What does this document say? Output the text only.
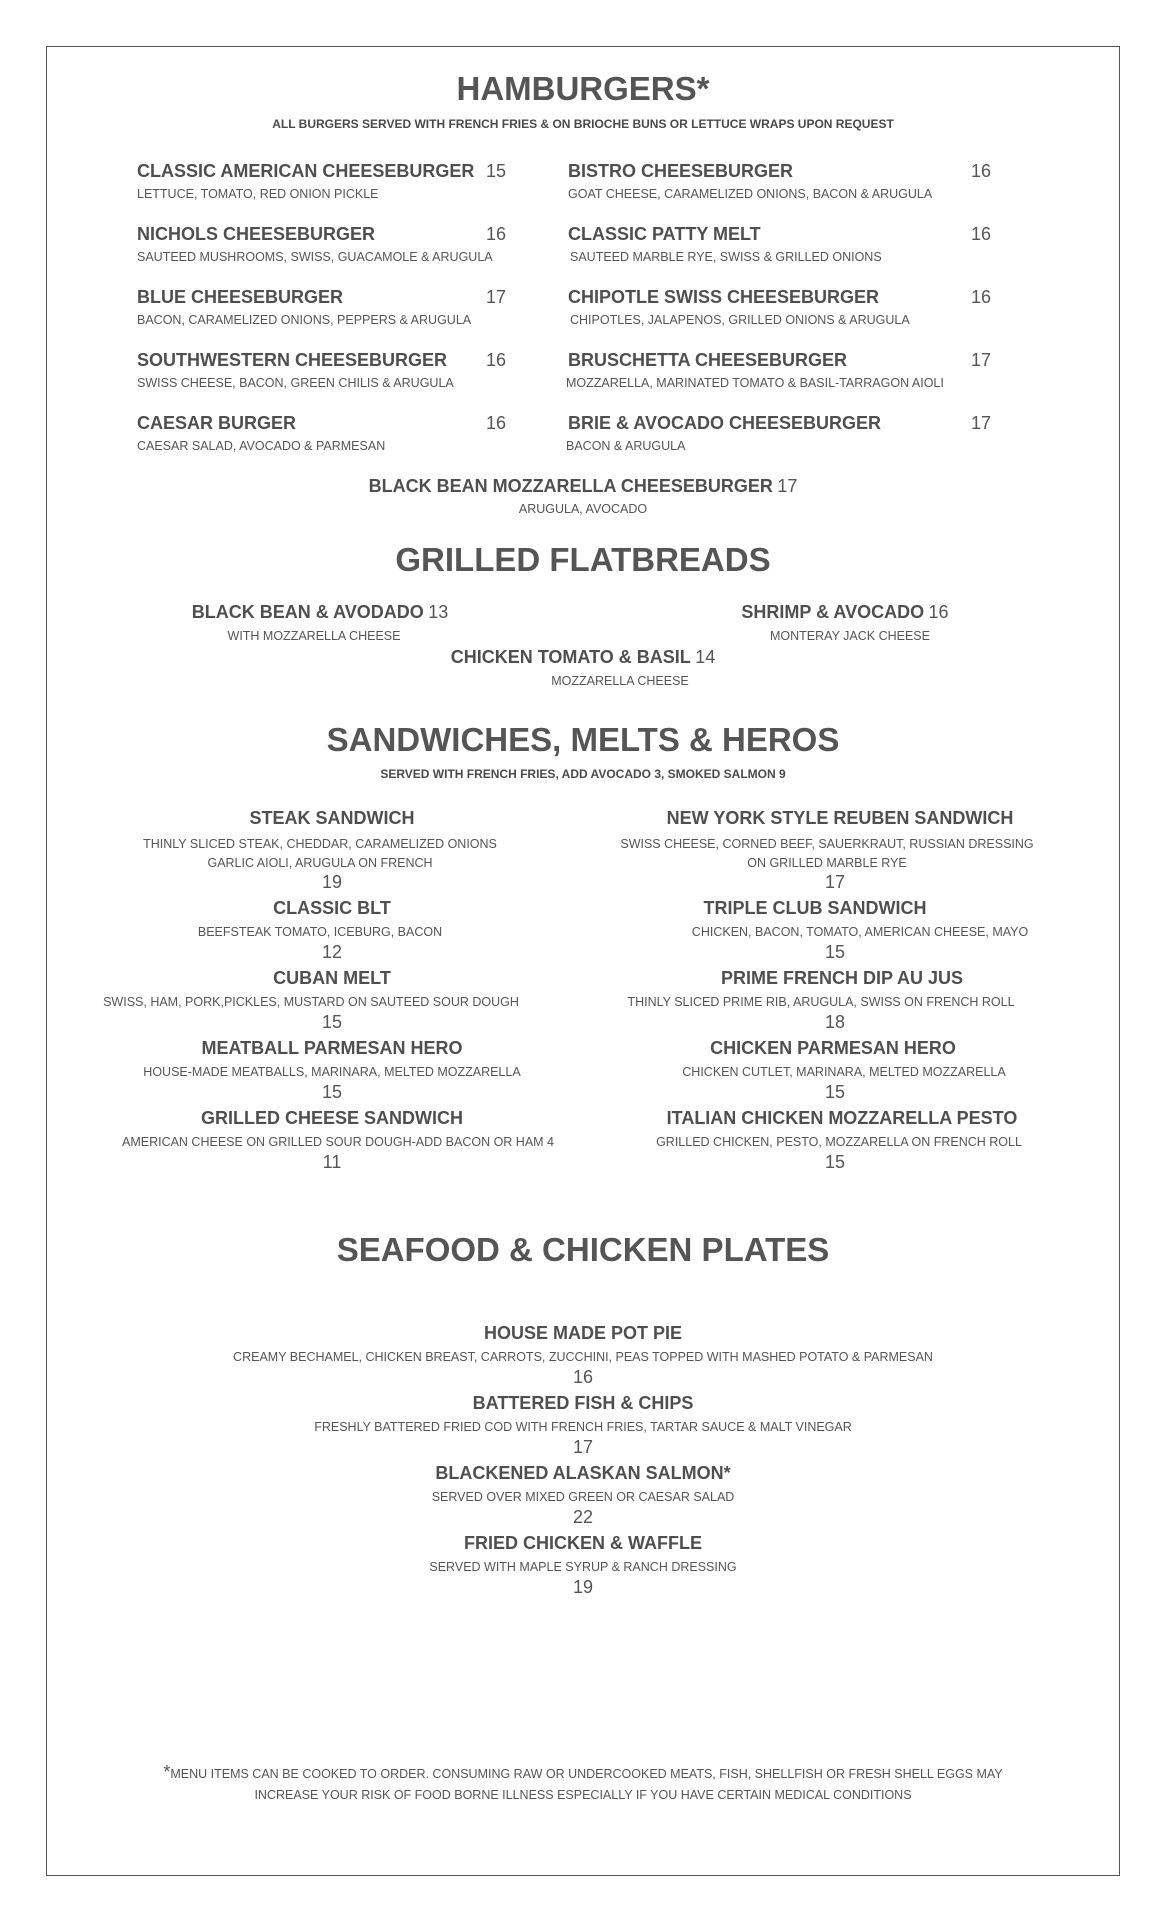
HAMBURGERS*
ALL BURGERS SERVED WITH FRENCH FRIES & ON BRIOCHE BUNS OR LETTUCE WRAPS UPON REQUEST
CLASSIC AMERICAN CHEESEBURGER 15
LETTUCE, TOMATO, RED ONION PICKLE
NICHOLS CHEESEBURGER	16
SAUTEED MUSHROOMS, SWISS, GUACAMOLE & ARUGULA
BLUE CHEESEBURGER	17
BACON, CARAMELIZED ONIONS, PEPPERS & ARUGULA
SOUTHWESTERN CHEESEBURGER 16
SWISS CHEESE, BACON, GREEN CHILIS & ARUGULA
CAESAR BURGER	16
CAESAR SALAD, AVOCADO & PARMESAN
BISTRO CHEESEBURGER	16
GOAT CHEESE, CARAMELIZED ONIONS, BACON & ARUGULA
CLASSIC PATTY MELT	16
SAUTEED MARBLE RYE, SWISS & GRILLED ONIONS
CHIPOTLE SWISS CHEESEBURGER	16
CHIPOTLES, JALAPENOS, GRILLED ONIONS & ARUGULA
BRUSCHETTA CHEESEBURGER	17
MOZZARELLA, MARINATED TOMATO & BASIL-TARRAGON AIOLI
BRIE & AVOCADO CHEESEBURGER	17
BACON & ARUGULA
BLACK BEAN MOZZARELLA CHEESEBURGER 17
ARUGULA, AVOCADO
GRILLED FLATBREADS
BLACK BEAN & AVODADO 13
WITH MOZZARELLA CHEESE
SHRIMP & AVOCADO 16
MONTERAY JACK CHEESE
CHICKEN TOMATO & BASIL 14
MOZZARELLA CHEESE
SANDWICHES, MELTS & HEROS
SERVED WITH FRENCH FRIES, ADD AVOCADO 3, SMOKED SALMON 9
STEAK SANDWICH
THINLY SLICED STEAK, CHEDDAR, CARAMELIZED ONIONS
GARLIC AIOLI, ARUGULA ON FRENCH
19
CLASSIC BLT
BEEFSTEAK TOMATO, ICEBURG, BACON
12
CUBAN MELT
SWISS, HAM, PORK,PICKLES, MUSTARD ON SAUTEED SOUR DOUGH
15
MEATBALL PARMESAN HERO
HOUSE-MADE MEATBALLS, MARINARA, MELTED MOZZARELLA
15
GRILLED CHEESE SANDWICH
AMERICAN CHEESE ON GRILLED SOUR DOUGH-ADD BACON OR HAM 4
11
NEW YORK STYLE REUBEN SANDWICH
SWISS CHEESE, CORNED BEEF, SAUERKRAUT, RUSSIAN DRESSING
ON GRILLED MARBLE RYE
17
TRIPLE CLUB SANDWICH
CHICKEN, BACON, TOMATO, AMERICAN CHEESE, MAYO
15
PRIME FRENCH DIP AU JUS
THINLY SLICED PRIME RIB, ARUGULA, SWISS ON FRENCH ROLL
18
CHICKEN PARMESAN HERO
CHICKEN CUTLET, MARINARA, MELTED MOZZARELLA
15
ITALIAN CHICKEN MOZZARELLA PESTO
GRILLED CHICKEN, PESTO, MOZZARELLA ON FRENCH ROLL
15
SEAFOOD & CHICKEN PLATES
HOUSE MADE POT PIE
CREAMY BECHAMEL, CHICKEN BREAST, CARROTS, ZUCCHINI, PEAS TOPPED WITH MASHED POTATO & PARMESAN
16
BATTERED FISH & CHIPS
FRESHLY BATTERED FRIED COD WITH FRENCH FRIES, TARTAR SAUCE & MALT VINEGAR
17
BLACKENED ALASKAN SALMON*
SERVED OVER MIXED GREEN OR CAESAR SALAD
22
FRIED CHICKEN & WAFFLE
SERVED WITH MAPLE SYRUP & RANCH DRESSING
19
*MENU ITEMS CAN BE COOKED TO ORDER. CONSUMING RAW OR UNDERCOOKED MEATS, FISH, SHELLFISH OR FRESH SHELL EGGS MAY
INCREASE YOUR RISK OF FOOD BORNE ILLNESS ESPECIALLY IF YOU HAVE CERTAIN MEDICAL CONDITIONS
